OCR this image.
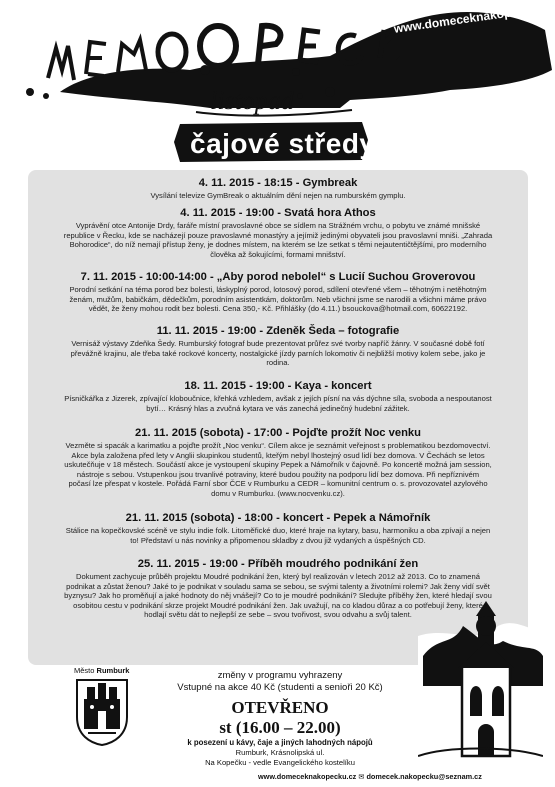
www.domeceknakopecku.cz
listopad
čajové středy
4. 11. 2015 - 18:15 - Gymbreak
Vysílání televize GymBreak o aktuálním dění nejen na rumburském gymplu.
4. 11. 2015 - 19:00 - Svatá hora Athos
Vyprávění otce Antonije Drdy, faráře místní pravoslavné obce se sídlem na Strážném vrchu, o pobytu ve známé mnišské
republice v Řecku, kde se nacházejí pouze pravoslavné monastýry a jejímiž jedinými obyvateli jsou pravoslavní mniši. „Zahrada
Bohorodice“, do níž nemají přístup ženy, je dodnes místem, na kterém se lze setkat s těmi nejautentičtějšími, pro moderního
člověka až šokujícími, formami mnišství.
7. 11. 2015 - 10:00-14:00 - „Aby porod nebolel“ s Lucií Suchou Groverovou
Porodní setkání na téma porod bez bolesti, láskyplný porod, lotosový porod, sdílení otevřené všem – těhotným i netěhotným
ženám, mužům, babičkám, dědečkům, porodním asistentkám, doktorům. Neb všichni jsme se narodili a všichni máme právo
vědět, že ženy mohou rodit bez bolesti. Cena 350,- Kč. Přihlášky (do 4.11.) bsouckova@hotmail.com, 60622192.
11. 11. 2015 - 19:00 - Zdeněk Šeda – fotografie
Vernisáž výstavy Zdeňka Šedy. Rumburský fotograf bude prezentovat průřez své tvorby napříč žánry. V současné době fotí
převážně krajinu, ale třeba také rockové koncerty, nostalgické jízdy parních lokomotiv či nejbližší motivy kolem sebe, jako je
rodina.
18. 11. 2015 - 19:00 - Kaya - koncert
Písničkářka z Jizerek, zpívající kloboučnice, křehká vzhledem, avšak z jejích písní na vás dýchne síla, svoboda a nespoutanost
bytí… Krásný hlas a zvučná kytara ve vás zanechá jedinečný hudební zážitek.
21. 11. 2015 (sobota) - 17:00 - Pojďte prožít Noc venku
Vezměte si spacák a karimatku a pojďte prožít „Noc venku“. Cílem akce je seznámit veřejnost s problematikou bezdomovectví.
Akce byla založena před lety v Anglii skupinkou studentů, kteřým nebyl lhostejný osud lidí bez domova. V Čechách se letos
uskutečňuje v 18 městech. Součástí akce je vystoupení skupiny Pepek a Námořník v čajovně. Po koncertě možná jam session,
nástroje s sebou. Vstupenkou jsou trvanlivé potraviny, které budou použity na podporu lidí bez domova. Při nepříznivém
počasí lze přespat v kostele. Pořádá Farní sbor ČCE v Rumburku a CEDR – komunitní centrum o. s. provozovatel azylového
domu v Rumburku. (www.nocvenku.cz).
21. 11. 2015 (sobota) - 18:00 - koncert - Pepek a Námořník
Stálice na kopečkovské scéně ve stylu indie folk. Litoměřické duo, které hraje na kytary, basu, harmoniku a oba zpívají a nejen
to! Představí u nás novinky a připomenou skladby z dvou již vydaných a úspěšných CD.
25. 11. 2015 - 19:00 - Příběh moudrého podnikání žen
Dokument zachycuje průběh projektu Moudré podnikání žen, který byl realizován v letech 2012 až 2013. Co to znamená
podnikat a zůstat ženou? Jaké to je podnikat v souladu sama se sebou, se svými talenty a životními rolemi? Jak ženy vidí svět
byznysu? Jak ho proměňují a jaké hodnoty do něj vnášejí? Co to je moudré podnikání? Sledujte příběhy žen, které hledají svou
osobitou cestu v podnikání skrze projekt Moudré podnikání žen. Jak uvažují, na co kladou důraz a co potřebují ženy, které
hodlají světu dát to nejlepší ze sebe – svou tvořivost, svou odvahu a svůj talent.
Město Rumburk	změny v programu vyhrazeny
Vstupné na akce 40 Kč (studenti a senioři 20 Kč)
OTEVŘENO
st (16.00 – 22.00)
k posezení u kávy, čaje a jiných lahodných nápojů
Rumburk, Krásnolipská ul.
Na Kopečku - vedle Evangelického kostelíku
www.domeceknakopecku.cz ✉ domecek.nakopecku@seznam.cz
